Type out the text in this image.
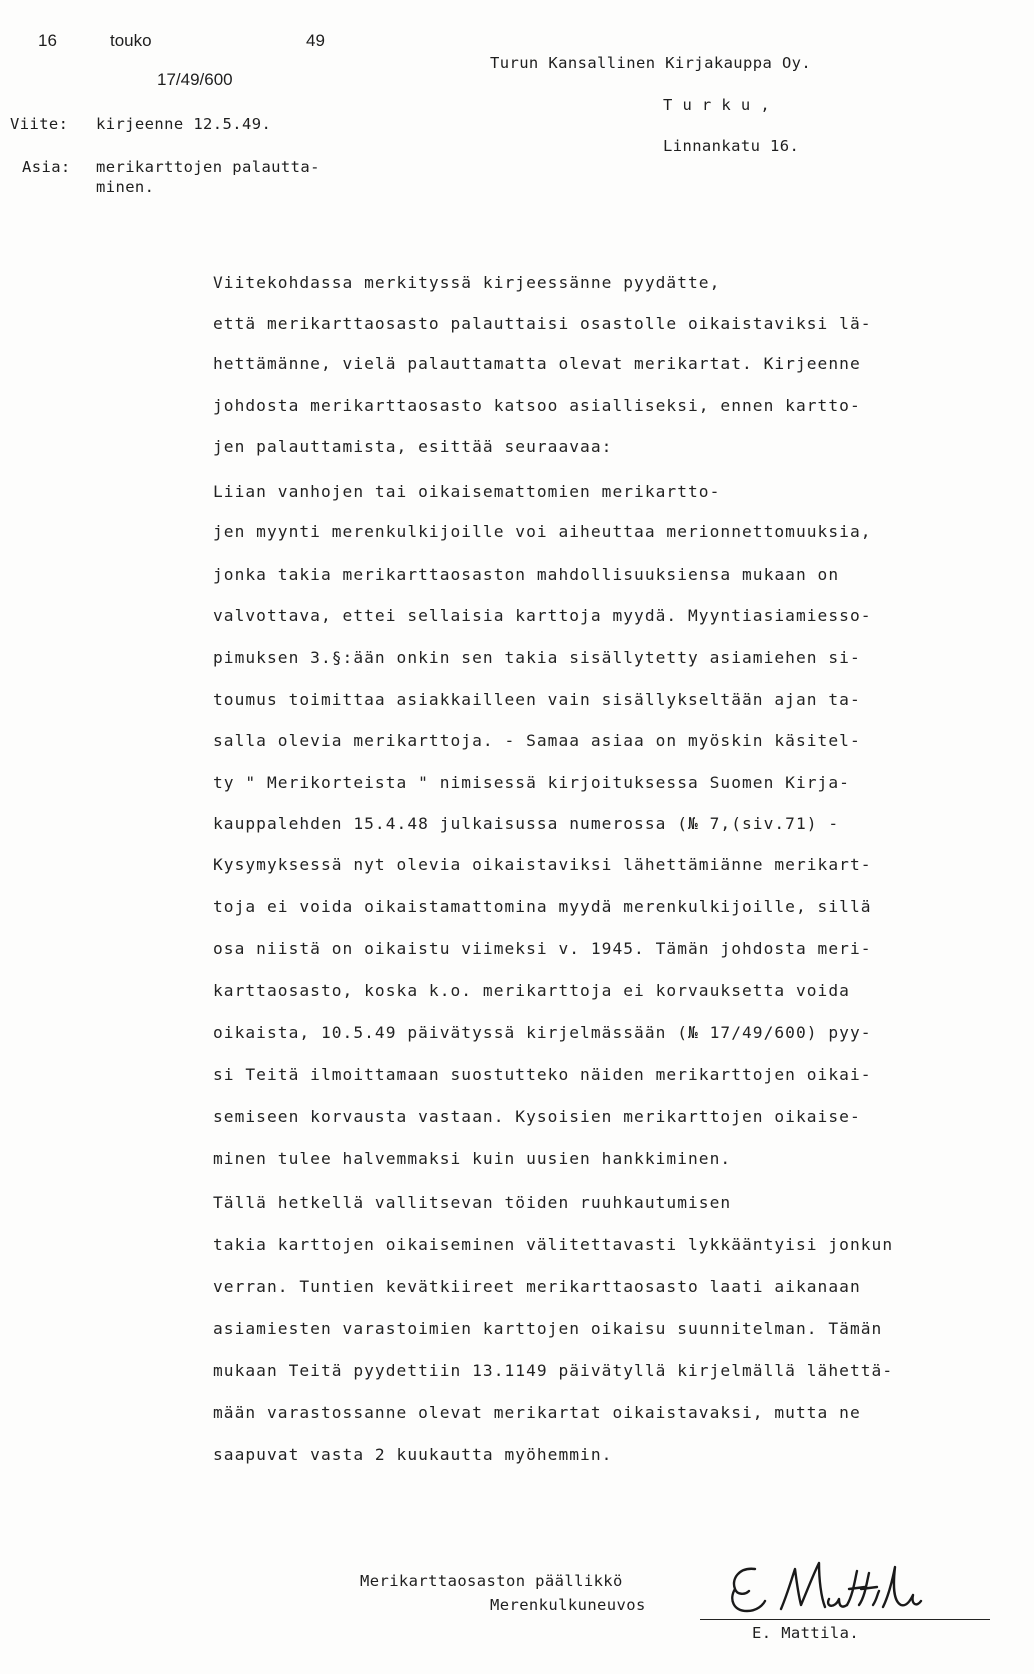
16	touko	49
17/49/600
Viite: kirjeenne 12.5.49.
Asia: merikarttojen palautta-
minen.
Turun Kansallinen Kirjakauppa Oy.
T u r k u ,
Linnankatu 16.
Viitekohdassa merkityssä kirjeessänne pyydätte,
että merikarttaosasto palauttaisi osastolle oikaistaviksi lä-
hettämänne, vielä palauttamatta olevat merikartat. Kirjeenne
johdosta merikarttaosasto katsoo asialliseksi, ennen kartto-
jen palauttamista, esittää seuraavaa:
Liian vanhojen tai oikaisemattomien merikartto-
jen myynti merenkulkijoille voi aiheuttaa merionnettomuuksia,
jonka takia merikarttaosaston mahdollisuuksiensa mukaan on
valvottava, ettei sellaisia karttoja myydä. Myyntiasiamiesso-
pimuksen 3.§:ään onkin sen takia sisällytetty asiamiehen si-
toumus toimittaa asiakkailleen vain sisällykseltään ajan ta-
salla olevia merikarttoja. - Samaa asiaa on myöskin käsitel-
ty " Merikorteista " nimisessä kirjoituksessa Suomen Kirja-
kauppalehden 15.4.48 julkaisussa numerossa (№ 7,(siv.71) -
Kysymyksessä nyt olevia oikaistaviksi lähettämiänne merikart-
toja ei voida oikaistamattomina myydä merenkulkijoille, sillä
osa niistä on oikaistu viimeksi v. 1945. Tämän johdosta meri-
karttaosasto, koska k.o. merikarttoja ei korvauksetta voida
oikaista, 10.5.49 päivätyssä kirjelmässään (№ 17/49/600) pyy-
si Teitä ilmoittamaan suostutteko näiden merikarttojen oikai-
semiseen korvausta vastaan. Kysoisien merikarttojen oikaise-
minen tulee halvemmaksi kuin uusien hankkiminen.
Tällä hetkellä vallitsevan töiden ruuhkautumisen
takia karttojen oikaiseminen välitettavasti lykkääntyisi jonkun
verran. Tuntien kevätkiireet merikarttaosasto laati aikanaan
asiamiesten varastoimien karttojen oikaisu suunnitelman. Tämän
mukaan Teitä pyydettiin 13.1149 päivätyllä kirjelmällä lähettä-
mään varastossanne olevat merikartat oikaistavaksi, mutta ne
saapuvat vasta 2 kuukautta myöhemmin.
Merikarttaosaston päällikkö
Merenkulkuneuvos
E. Mattila.
